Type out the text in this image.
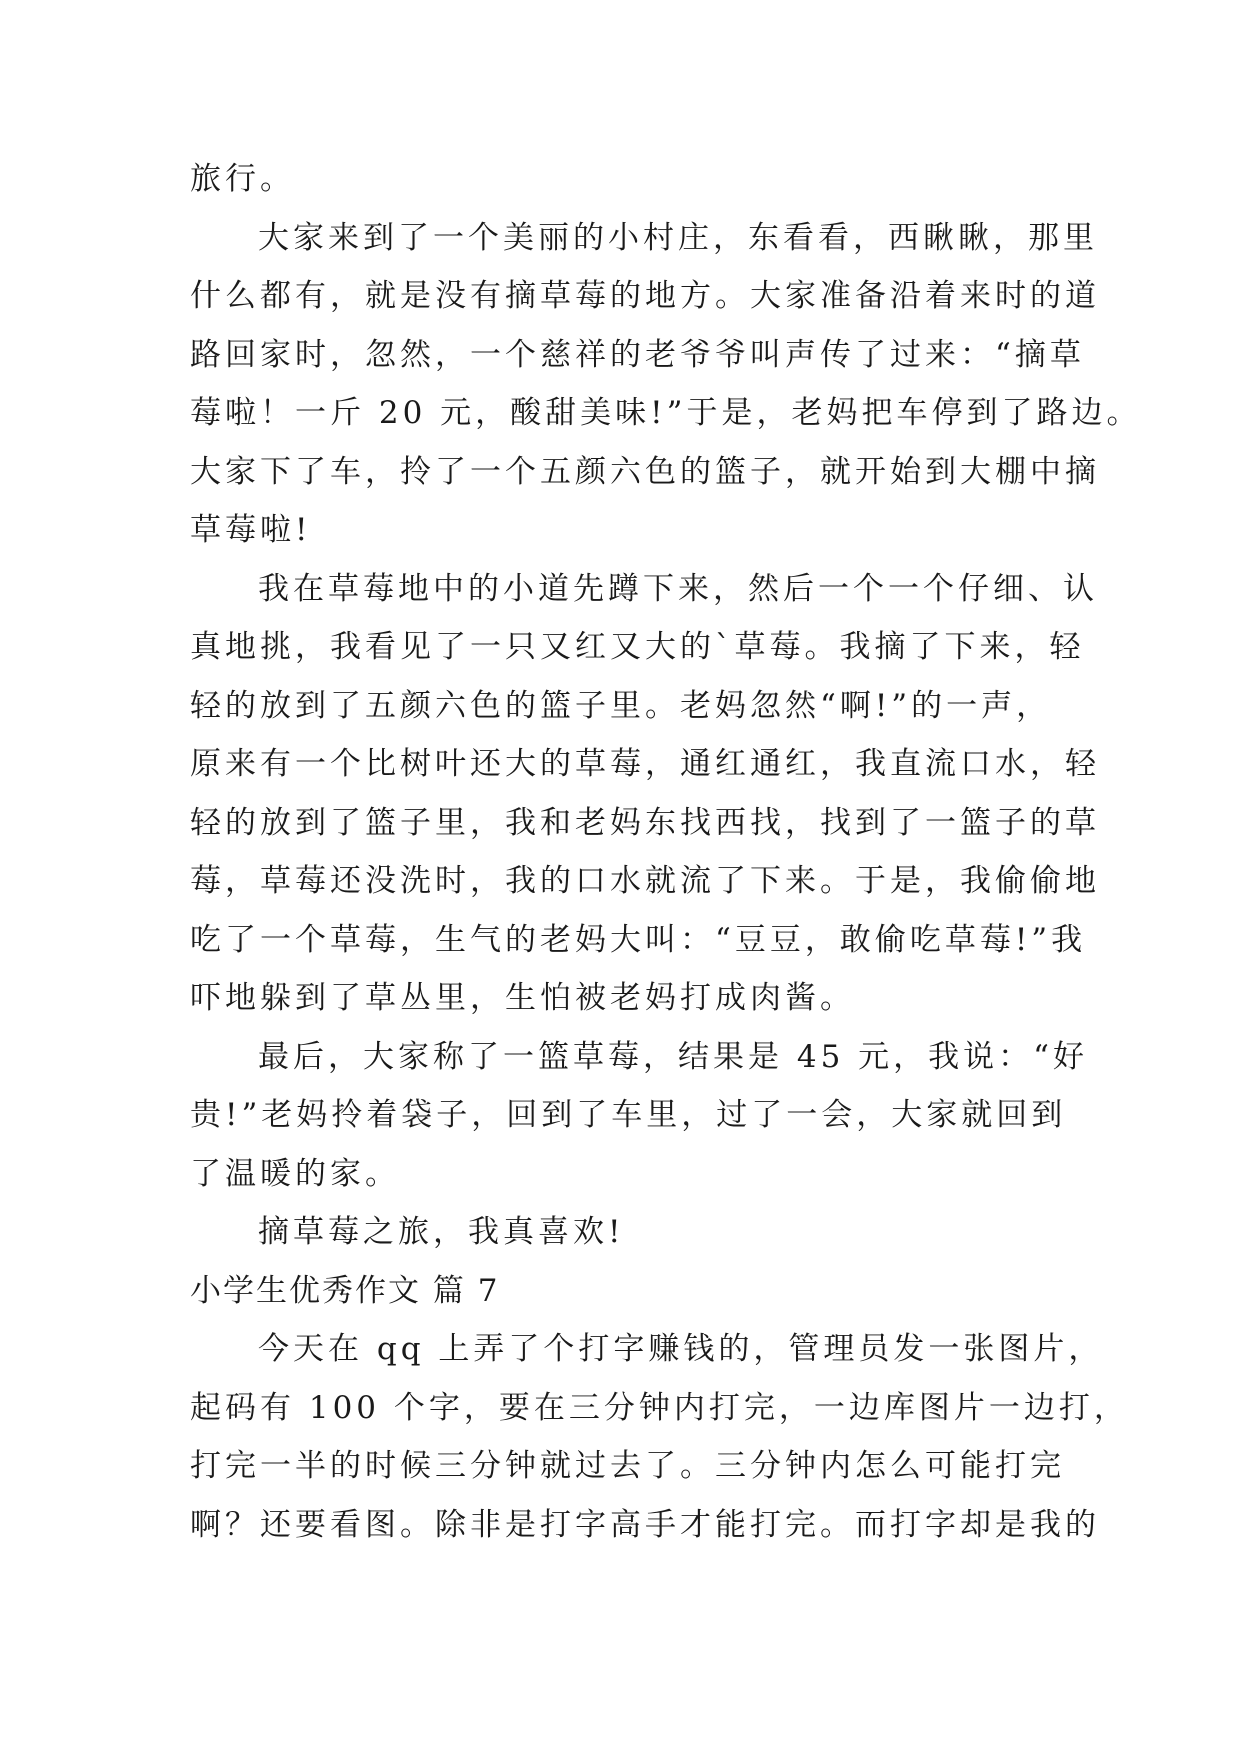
旅行。
大家来到了一个美丽的小村庄，东看看，西瞅瞅，那里
什么都有，就是没有摘草莓的地方。大家准备沿着来时的道
路回家时，忽然，一个慈祥的老爷爷叫声传了过来：“摘草
莓啦！一斤 20 元，酸甜美味!”于是，老妈把车停到了路边。
大家下了车，拎了一个五颜六色的篮子，就开始到大棚中摘
草莓啦!
我在草莓地中的小道先蹲下来，然后一个一个仔细、认
真地挑，我看见了一只又红又大的`草莓。我摘了下来，轻
轻的放到了五颜六色的篮子里。老妈忽然“啊!”的一声，
原来有一个比树叶还大的草莓，通红通红，我直流口水，轻
轻的放到了篮子里，我和老妈东找西找，找到了一篮子的草
莓，草莓还没洗时，我的口水就流了下来。于是，我偷偷地
吃了一个草莓，生气的老妈大叫：“豆豆，敢偷吃草莓!”我
吓地躲到了草丛里，生怕被老妈打成肉酱。
最后，大家称了一篮草莓，结果是 45 元，我说：“好
贵!”老妈拎着袋子，回到了车里，过了一会，大家就回到
了温暖的家。
摘草莓之旅，我真喜欢!
小学生优秀作文 篇 7
今天在 qq 上弄了个打字赚钱的，管理员发一张图片，
起码有 100 个字，要在三分钟内打完，一边库图片一边打，
打完一半的时候三分钟就过去了。三分钟内怎么可能打完
啊？还要看图。除非是打字高手才能打完。而打字却是我的
